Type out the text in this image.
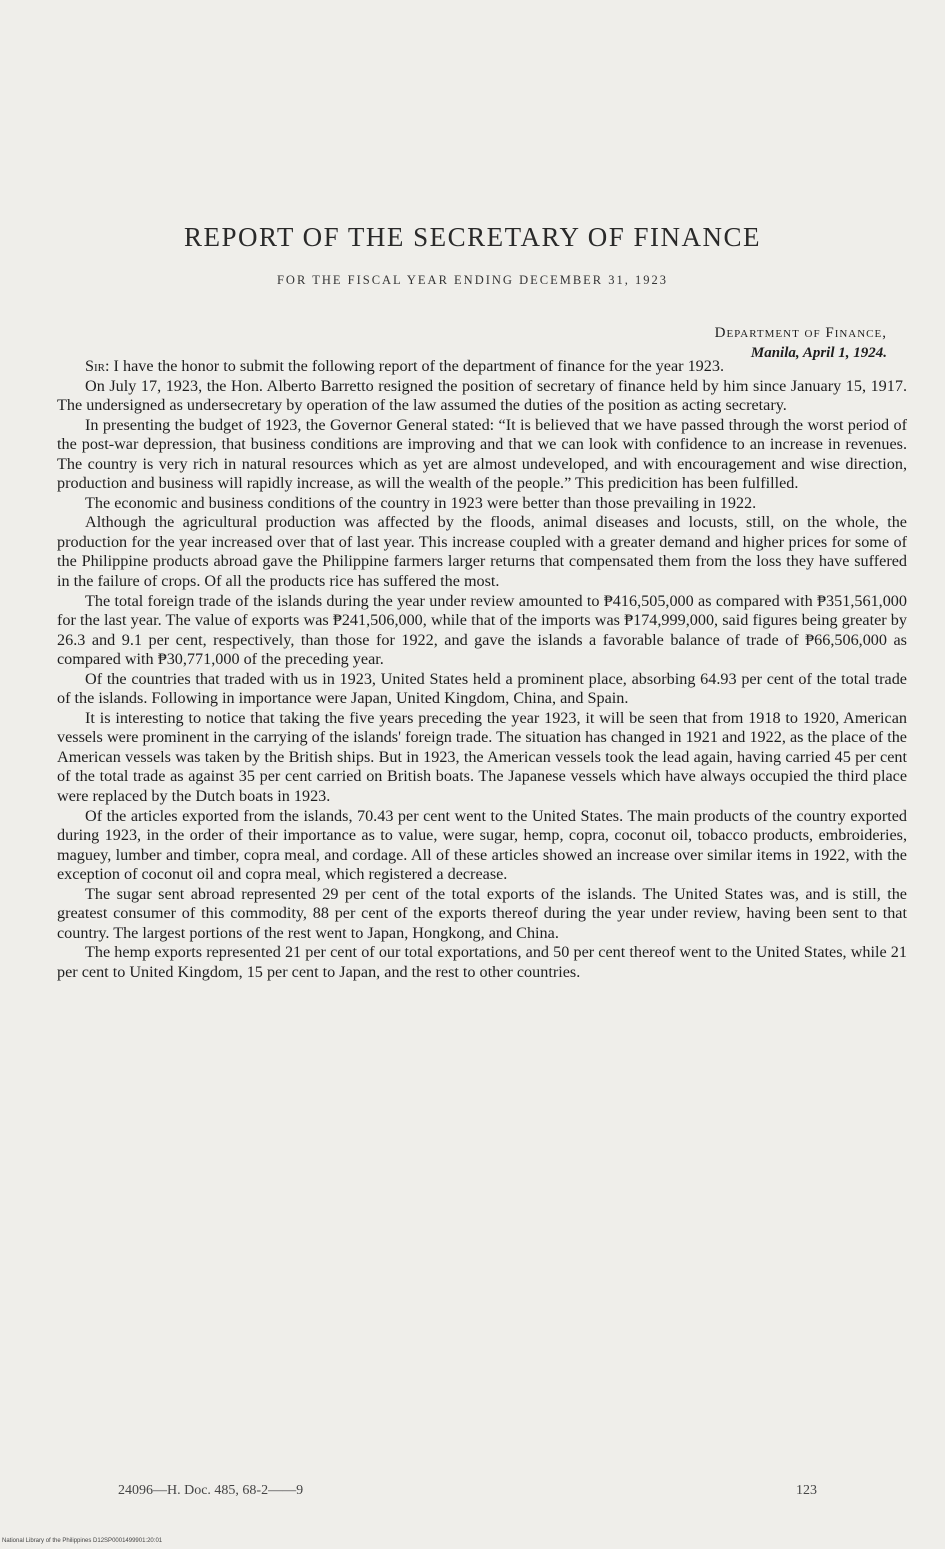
REPORT OF THE SECRETARY OF FINANCE
FOR THE FISCAL YEAR ENDING DECEMBER 31, 1923
Department of Finance,
Manila, April 1, 1924.

Sir: I have the honor to submit the following report of the department of finance for the year 1923.

On July 17, 1923, the Hon. Alberto Barretto resigned the position of secretary of finance held by him since January 15, 1917. The undersigned as undersecretary by operation of the law assumed the duties of the position as acting secretary.

In presenting the budget of 1923, the Governor General stated: “It is believed that we have passed through the worst period of the post-war depression, that business conditions are improving and that we can look with confidence to an increase in revenues. The country is very rich in natural resources which as yet are almost undeveloped, and with encouragement and wise direction, production and business will rapidly increase, as will the wealth of the people.” This predicition has been fulfilled.

The economic and business conditions of the country in 1923 were better than those prevailing in 1922.

Although the agricultural production was affected by the floods, animal diseases and locusts, still, on the whole, the production for the year increased over that of last year. This increase coupled with a greater demand and higher prices for some of the Philippine products abroad gave the Philippine farmers larger returns that compensated them from the loss they have suffered in the failure of crops. Of all the products rice has suffered the most.

The total foreign trade of the islands during the year under review amounted to ₱416,505,000 as compared with ₱351,561,000 for the last year. The value of exports was ₱241,506,000, while that of the imports was ₱174,999,000, said figures being greater by 26.3 and 9.1 per cent, respectively, than those for 1922, and gave the islands a favorable balance of trade of ₱66,506,000 as compared with ₱30,771,000 of the preceding year.

Of the countries that traded with us in 1923, United States held a prominent place, absorbing 64.93 per cent of the total trade of the islands. Following in importance were Japan, United Kingdom, China, and Spain.

It is interesting to notice that taking the five years preceding the year 1923, it will be seen that from 1918 to 1920, American vessels were prominent in the carrying of the islands' foreign trade. The situation has changed in 1921 and 1922, as the place of the American vessels was taken by the British ships. But in 1923, the American vessels took the lead again, having carried 45 per cent of the total trade as against 35 per cent carried on British boats. The Japanese vessels which have always occupied the third place were replaced by the Dutch boats in 1923.

Of the articles exported from the islands, 70.43 per cent went to the United States. The main products of the country exported during 1923, in the order of their importance as to value, were sugar, hemp, copra, coconut oil, tobacco products, embroideries, maguey, lumber and timber, copra meal, and cordage. All of these articles showed an increase over similar items in 1922, with the exception of coconut oil and copra meal, which registered a decrease.

The sugar sent abroad represented 29 per cent of the total exports of the islands. The United States was, and is still, the greatest consumer of this commodity, 88 per cent of the exports thereof during the year under review, having been sent to that country. The largest portions of the rest went to Japan, Hongkong, and China.

The hemp exports represented 21 per cent of our total exportations, and 50 per cent thereof went to the United States, while 21 per cent to United Kingdom, 15 per cent to Japan, and the rest to other countries.

24096—H. Doc. 485, 68-2——9	123
National Library of the Philippines D12SP0001499901:20:01
